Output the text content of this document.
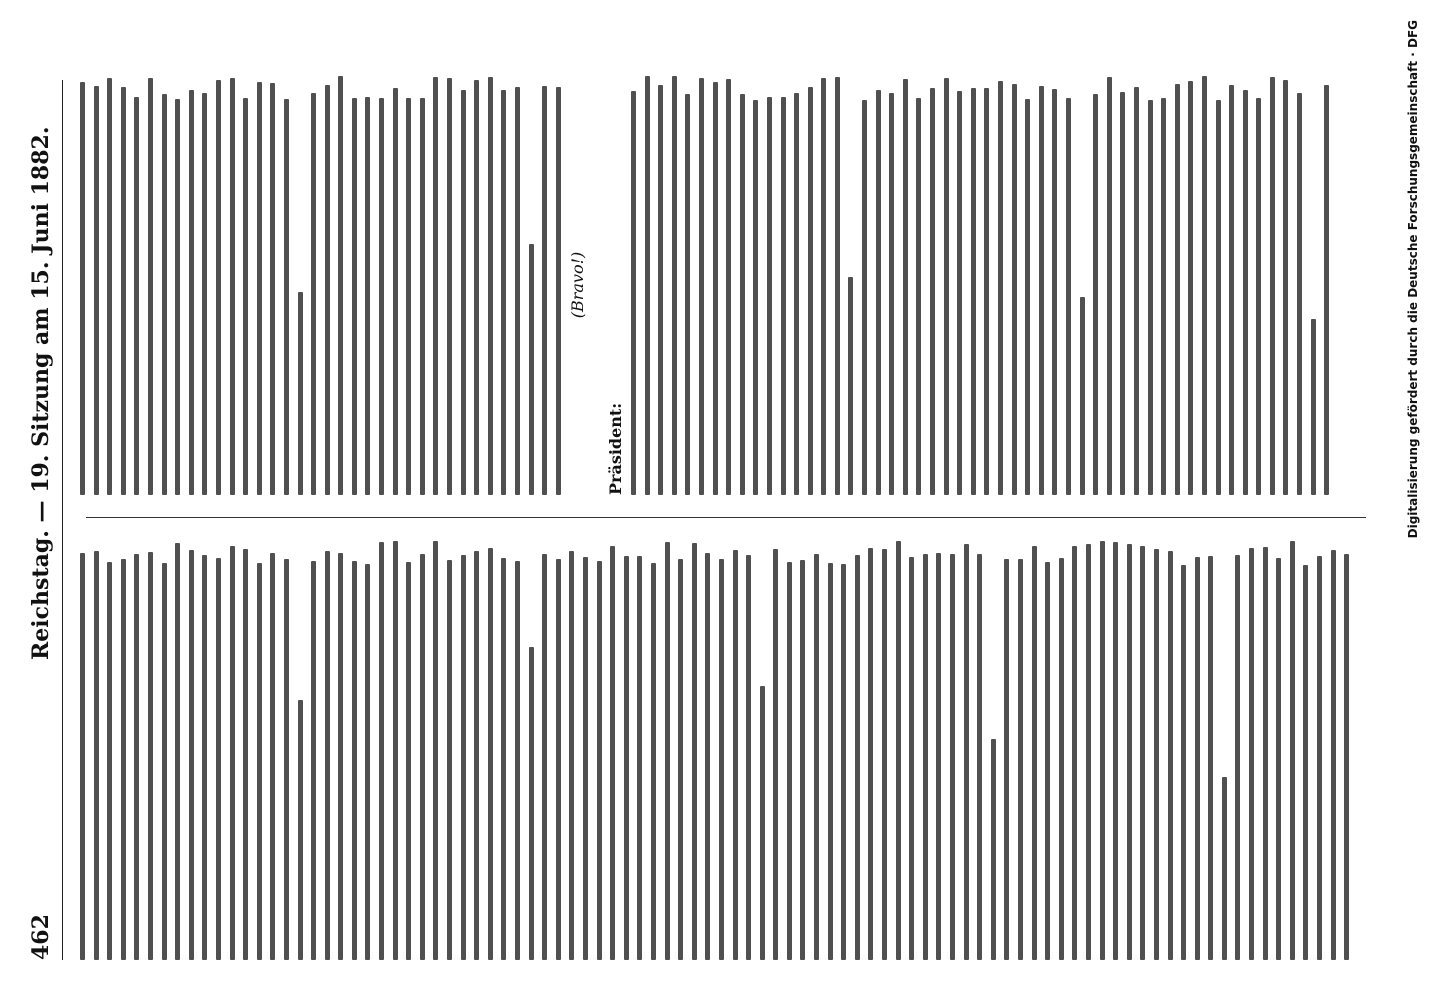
462
Reichstag. — 19. Sitzung am 15. Juni 1882.	(Bravo!)
Präsident:	Digitalisierung gefördert durch die Deutsche Forschungsgemeinschaft · DFG
